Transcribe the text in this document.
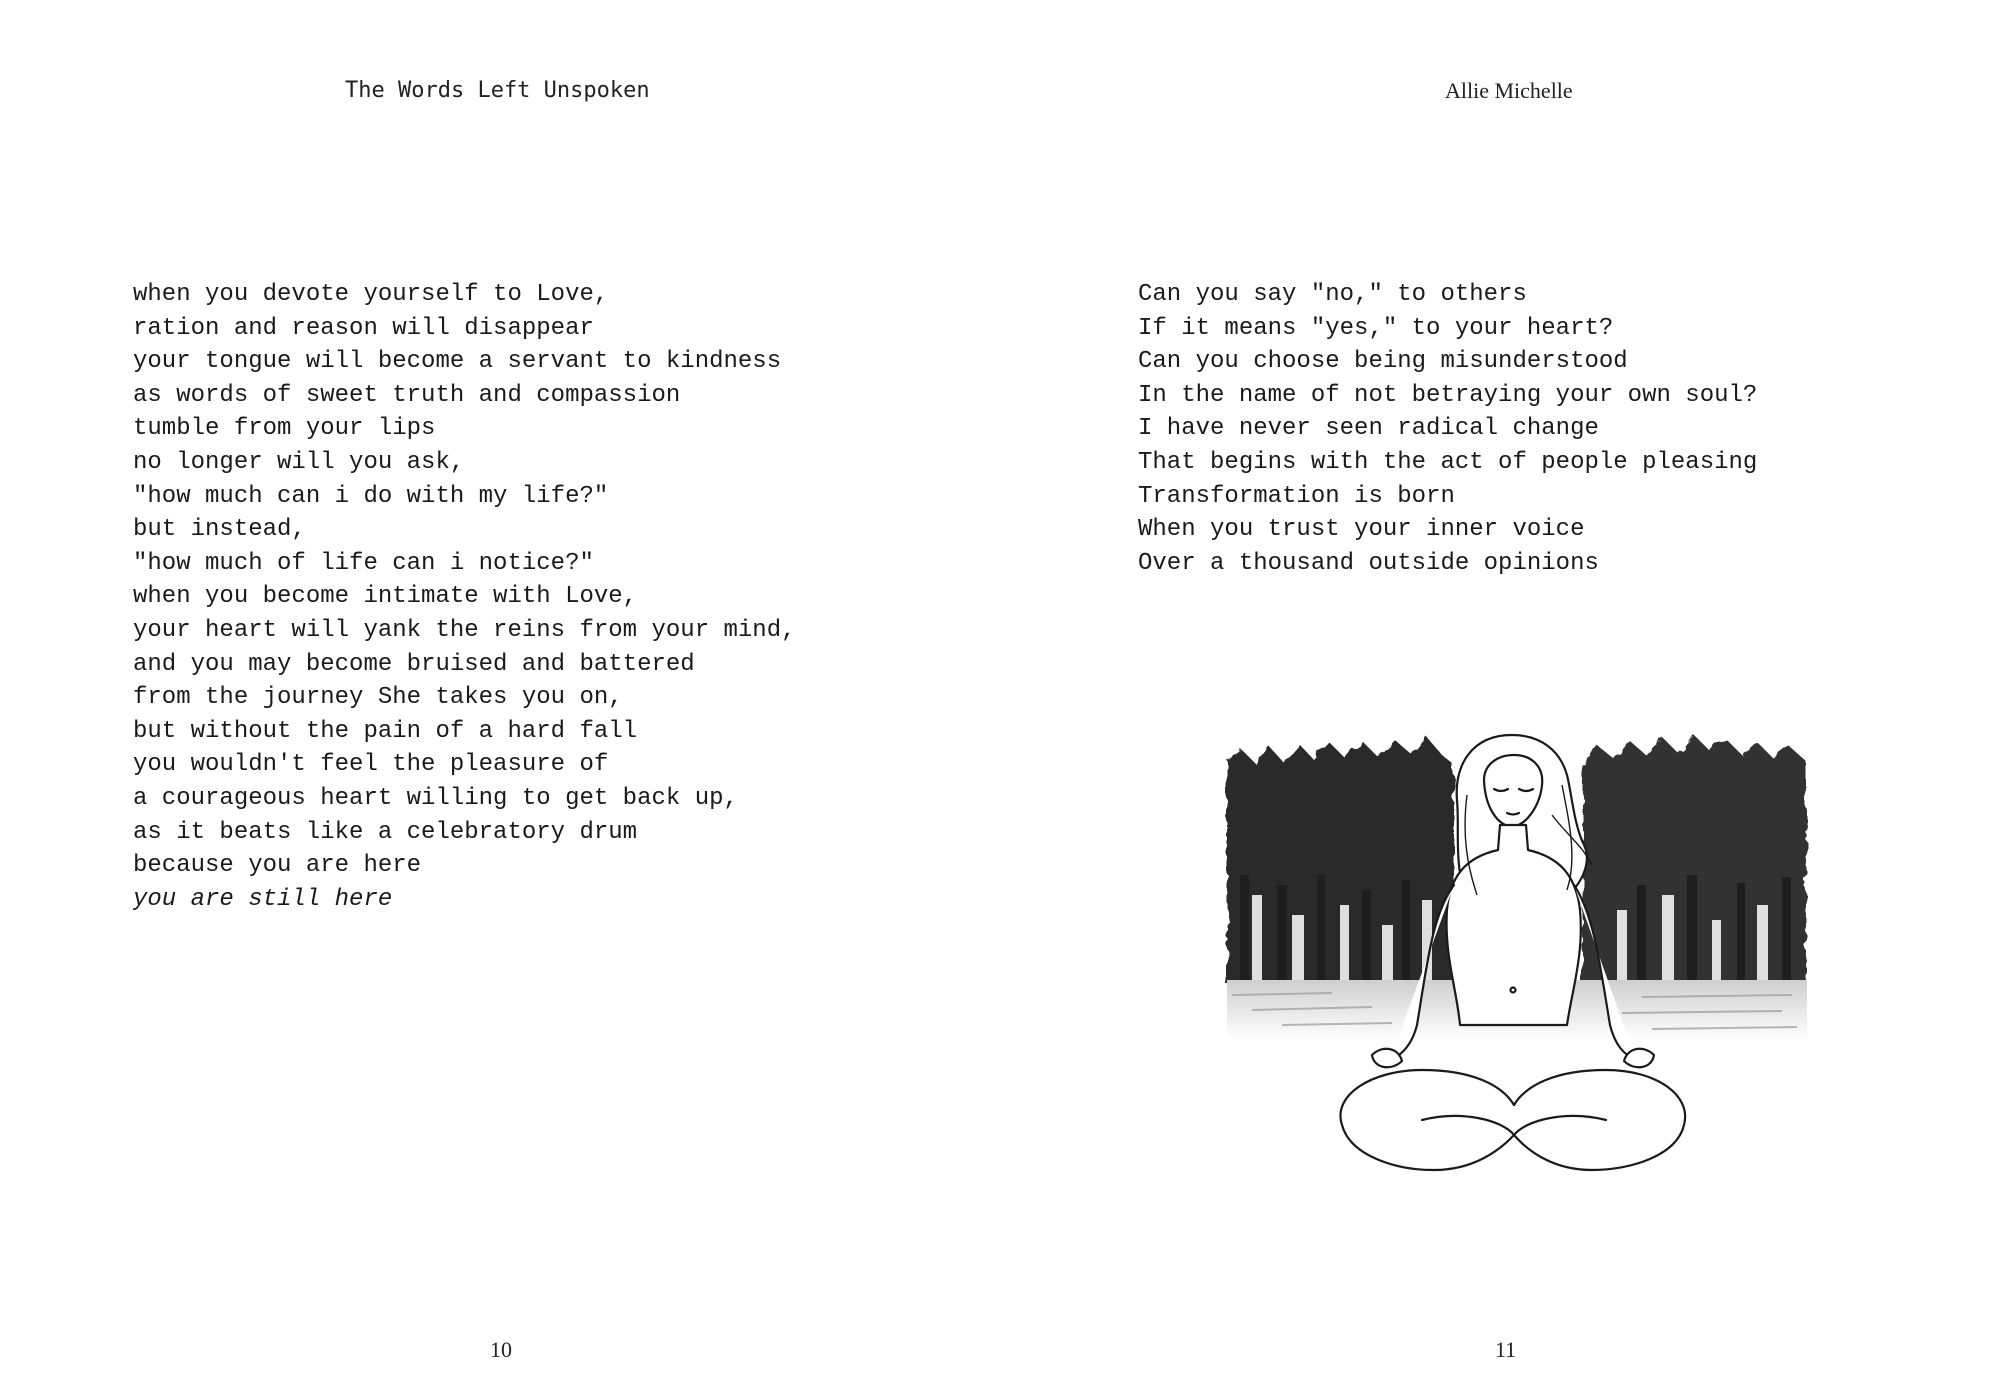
The Words Left Unspoken
when you devote yourself to Love,
ration and reason will disappear
your tongue will become a servant to kindness
as words of sweet truth and compassion
tumble from your lips
no longer will you ask,
"how much can i do with my life?"
but instead,
"how much of life can i notice?"
when you become intimate with Love,
your heart will yank the reins from your mind,
and you may become bruised and battered
from the journey She takes you on,
but without the pain of a hard fall
you wouldn't feel the pleasure of
a courageous heart willing to get back up,
as it beats like a celebratory drum
because you are here
you are still here
10
Allie Michelle
Can you say "no," to others
If it means "yes," to your heart?
Can you choose being misunderstood
In the name of not betraying your own soul?
I have never seen radical change
That begins with the act of people pleasing
Transformation is born
When you trust your inner voice
Over a thousand outside opinions
11
